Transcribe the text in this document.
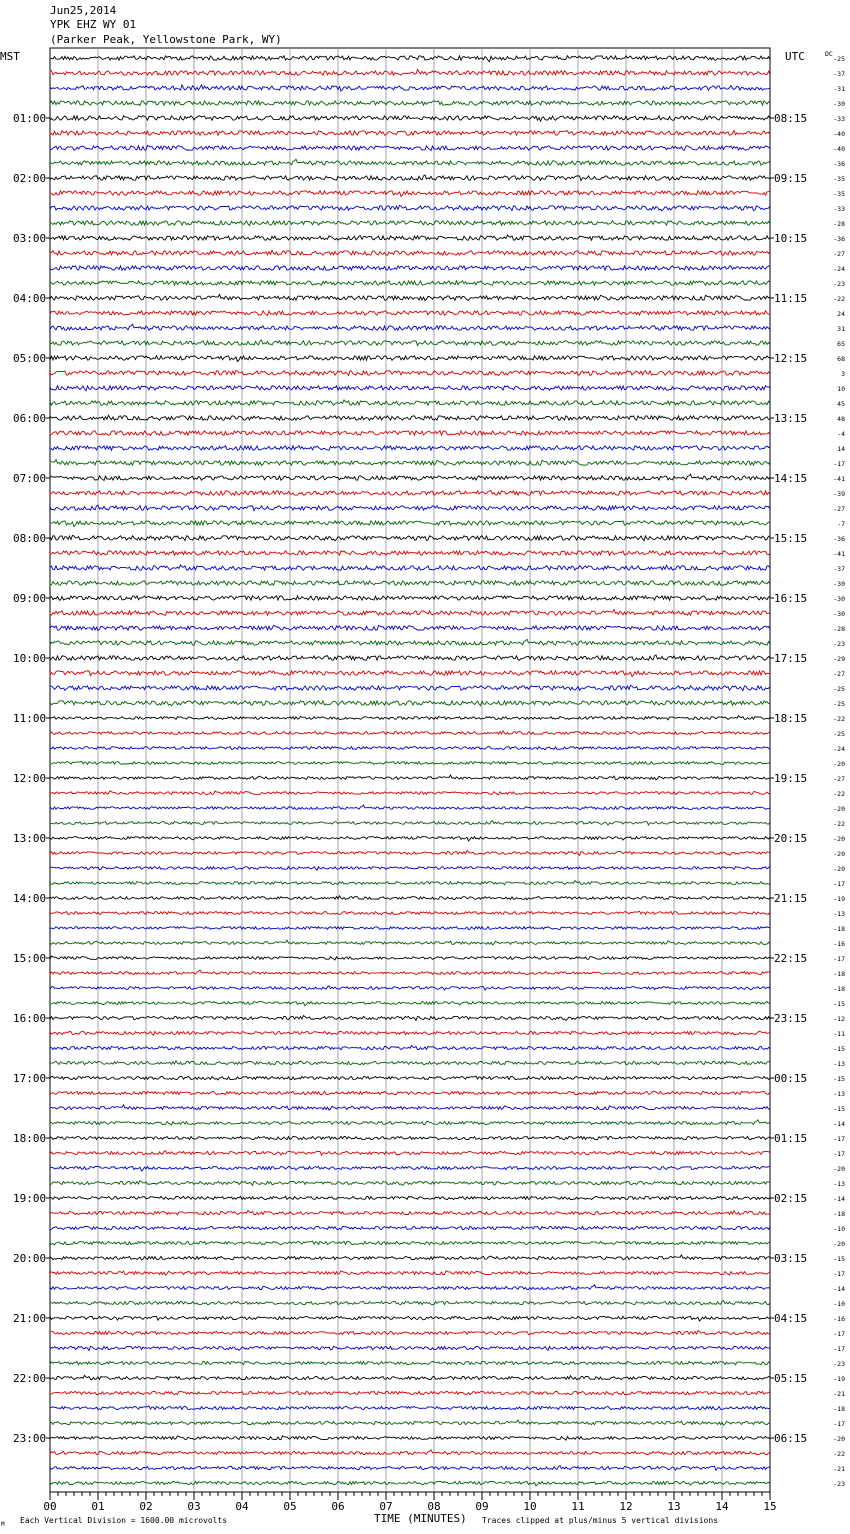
Jun25,2014
YPK EHZ WY 01
(Parker Peak, Yellowstone Park, WY)
-25
-37
-31
-30
-33
-40
-40
-36
-35
-35
-33
-28
-36
-27
-24
-23
-22
24
31
65
68
3
10
45
48
-4
14
-17
-41
-39
-27
-7
-36
-41
-37
-30
-30
-30
-28
-23
-29
-27
-25
-25
-22
-25
-24
-20
-27
-22
-20
-22
-20
-20
-20
-17
-19
-13
-18
-16
-17
-18
-18
-15
-12
-11
-15
-13
-15
-13
-15
-14
-17
-17
-20
-13
-14
-18
-10
-20
-15
-17
-14
-10
-16
-17
-17
-23
-19
-21
-18
-17
-20
-22
-21
-23
01:00	08:15
02:00	09:15
03:00	10:15
04:00	11:15
05:00	12:15
06:00	13:15
07:00	14:15
08:00	15:15
09:00	16:15
10:00	17:15
11:00	18:15
12:00	19:15
13:00	20:15
14:00	21:15
15:00	22:15
16:00	23:15
17:00	00:15
18:00	01:15
19:00	02:15
20:00	03:15
21:00	04:15
22:00	05:15
23:00	06:15
MST	UTC	DC
00	01	02	03	04	05	06	07	08	09	10	11	12	13	14	15
M Each Vertical Division = 1600.00 microvolts	TIME (MINUTES) Traces clipped at plus/minus 5 vertical divisions
